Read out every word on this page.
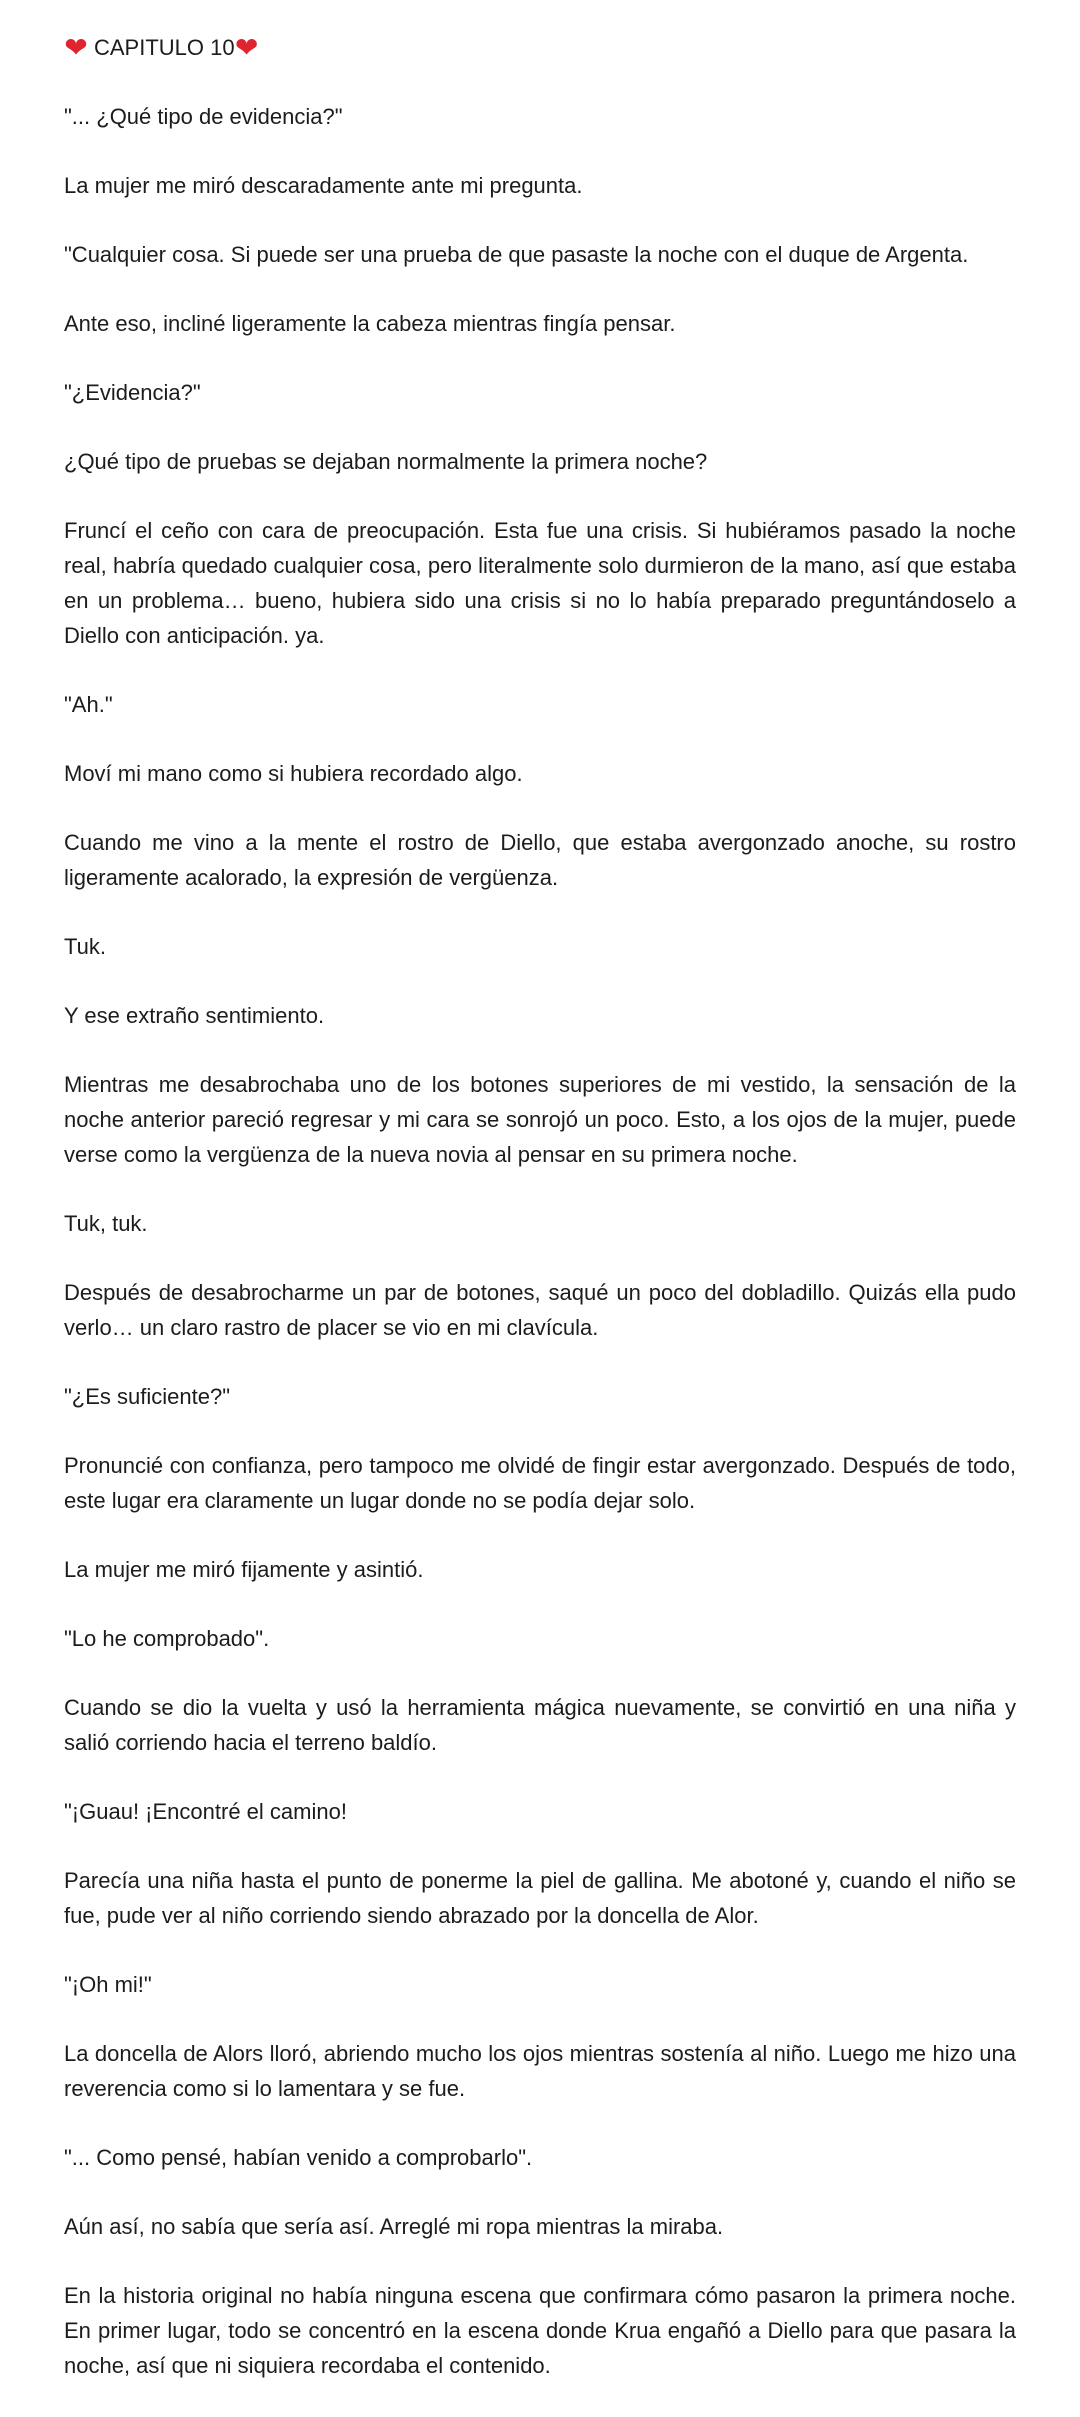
❤ CAPITULO 10 ❤

"... ¿Qué tipo de evidencia?"

La mujer me miró descaradamente ante mi pregunta.

"Cualquier cosa. Si puede ser una prueba de que pasaste la noche con el duque de Argenta.

Ante eso, incliné ligeramente la cabeza mientras fingía pensar.

"¿Evidencia?"

¿Qué tipo de pruebas se dejaban normalmente la primera noche?

Fruncí el ceño con cara de preocupación. Esta fue una crisis. Si hubiéramos pasado la noche real, habría quedado cualquier cosa, pero literalmente solo durmieron de la mano, así que estaba en un problema… bueno, hubiera sido una crisis si no lo había preparado preguntándoselo a Diello con anticipación. ya.

"Ah."

Moví mi mano como si hubiera recordado algo.

Cuando me vino a la mente el rostro de Diello, que estaba avergonzado anoche, su rostro ligeramente acalorado, la expresión de vergüenza.

Tuk.

Y ese extraño sentimiento.

Mientras me desabrochaba uno de los botones superiores de mi vestido, la sensación de la noche anterior pareció regresar y mi cara se sonrojó un poco. Esto, a los ojos de la mujer, puede verse como la vergüenza de la nueva novia al pensar en su primera noche.

Tuk, tuk.

Después de desabrocharme un par de botones, saqué un poco del dobladillo. Quizás ella pudo verlo… un claro rastro de placer se vio en mi clavícula.

"¿Es suficiente?"

Pronuncié con confianza, pero tampoco me olvidé de fingir estar avergonzado. Después de todo, este lugar era claramente un lugar donde no se podía dejar solo.

La mujer me miró fijamente y asintió.

"Lo he comprobado".

Cuando se dio la vuelta y usó la herramienta mágica nuevamente, se convirtió en una niña y salió corriendo hacia el terreno baldío.

"¡Guau! ¡Encontré el camino!

Parecía una niña hasta el punto de ponerme la piel de gallina. Me abotoné y, cuando el niño se fue, pude ver al niño corriendo siendo abrazado por la doncella de Alor.

"¡Oh mi!"

La doncella de Alors lloró, abriendo mucho los ojos mientras sostenía al niño. Luego me hizo una reverencia como si lo lamentara y se fue.

"... Como pensé, habían venido a comprobarlo".

Aún así, no sabía que sería así. Arreglé mi ropa mientras la miraba.

En la historia original no había ninguna escena que confirmara cómo pasaron la primera noche. En primer lugar, todo se concentró en la escena donde Krua engañó a Diello para que pasara la noche, así que ni siquiera recordaba el contenido.
